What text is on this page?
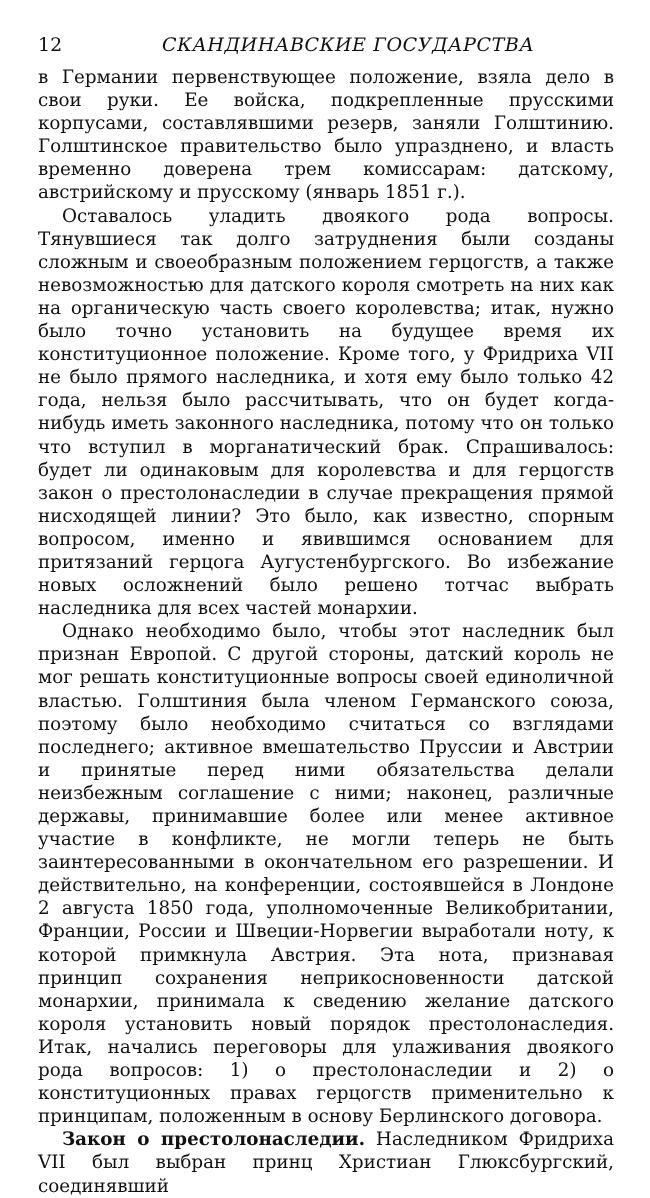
12	СКАНДИНАВСКИЕ ГОСУДАРСТВА

в Германии первенствующее положение, взяла дело в свои руки. Ее войска, подкрепленные прусскими корпусами, составлявшими резерв, заняли Голштинию. Голштинское правительство было упразднено, и власть временно доверена трем комиссарам: датскому, австрийскому и прусскому (январь 1851 г.).

Оставалось уладить двоякого рода вопросы. Тянувшиеся так долго затруднения были созданы сложным и своеобразным положением герцогств, а также невозможностью для датского короля смотреть на них как на органическую часть своего королевства; итак, нужно было точно установить на будущее время их конституционное положение. Кроме того, у Фридриха VII не было прямого наследника, и хотя ему было только 42 года, нельзя было рассчитывать, что он будет когда-нибудь иметь законного наследника, потому что он только что вступил в морганатический брак. Спрашивалось: будет ли одинаковым для королевства и для герцогств закон о престолонаследии в случае прекращения прямой нисходящей линии? Это было, как известно, спорным вопросом, именно и явившимся основанием для притязаний герцога Аугустенбургского. Во избежание новых осложнений было решено тотчас выбрать наследника для всех частей монархии.

Однако необходимо было, чтобы этот наследник был признан Европой. С другой стороны, датский король не мог решать конституционные вопросы своей единоличной властью. Голштиния была членом Германского союза, поэтому было необходимо считаться со взглядами последнего; активное вмешательство Пруссии и Австрии и принятые перед ними обязательства делали неизбежным соглашение с ними; наконец, различные державы, принимавшие более или менее активное участие в конфликте, не могли теперь не быть заинтересованными в окончательном его разрешении. И действительно, на конференции, состоявшейся в Лондоне 2 августа 1850 года, уполномоченные Великобритании, Франции, России и Швеции-Норвегии выработали ноту, к которой примкнула Австрия. Эта нота, признавая принцип сохранения неприкосновенности датской монархии, принимала к сведению желание датского короля установить новый порядок престолонаследия. Итак, начались переговоры для улаживания двоякого рода вопросов: 1) о престолонаследии и 2) о конституционных правах герцогств применительно к принципам, положенным в основу Берлинского договора.

Закон о престолонаследии. Наследником Фридриха VII был выбран принц Христиан Глюксбургский, соединявший
